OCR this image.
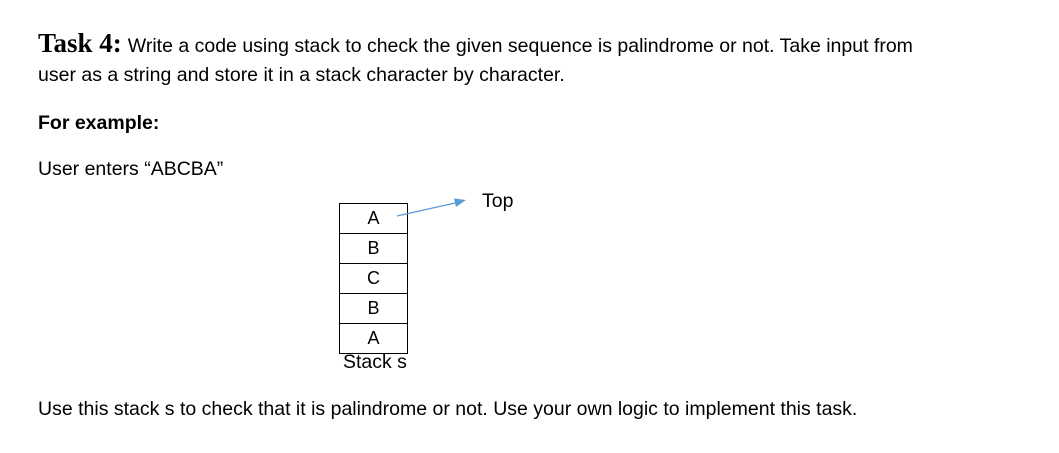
Task 4: Write a code using stack to check the given sequence is palindrome or not. Take input from
user as a string and store it in a stack character by character.
For example:
User enters “ABCBA”
A
B
C
B
A
Top
Stack s
Use this stack s to check that it is palindrome or not. Use your own logic to implement this task.
